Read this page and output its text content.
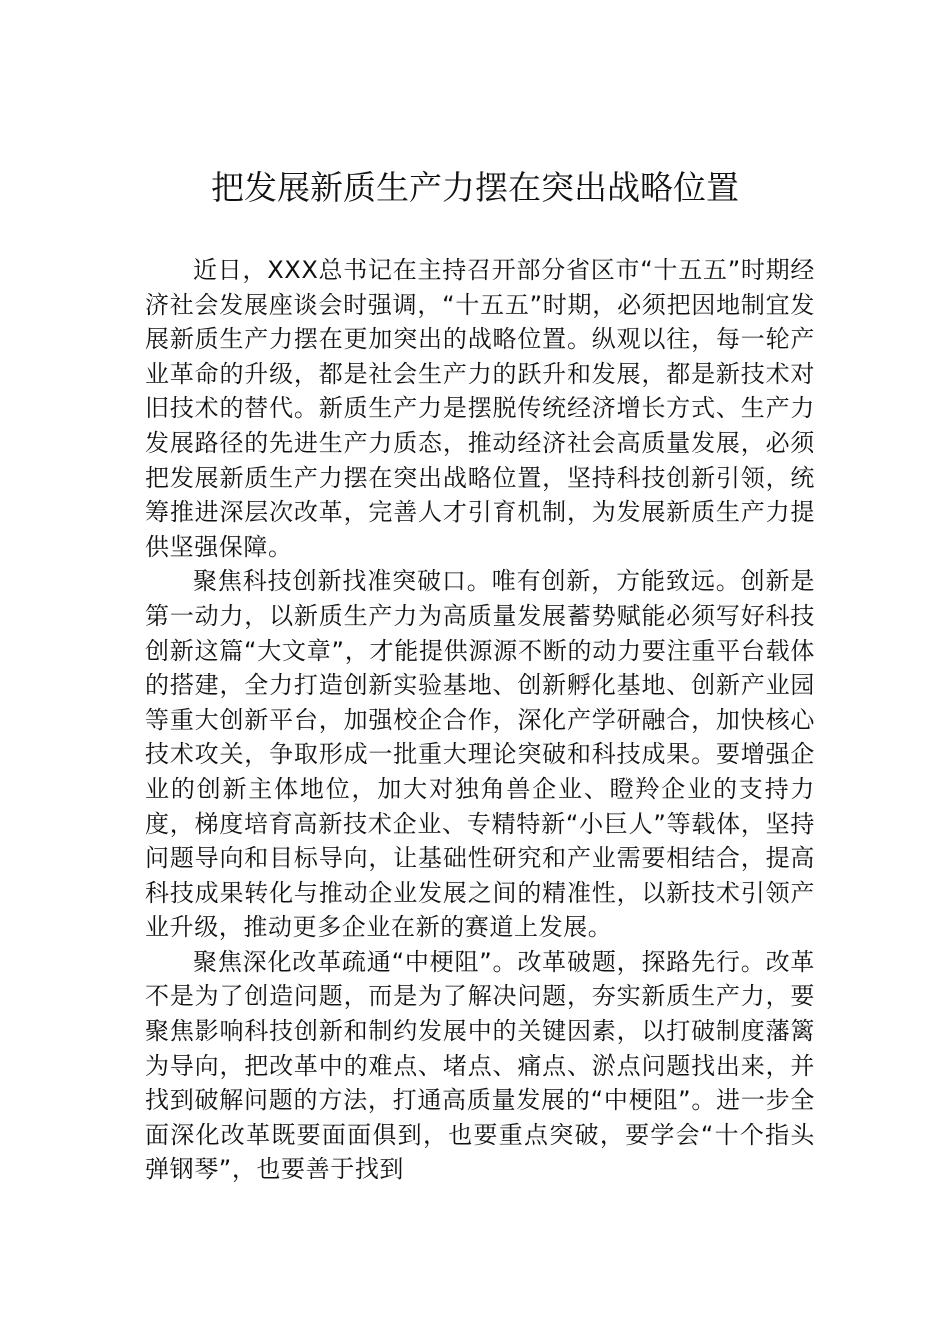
把发展新质生产力摆在突出战略位置

近日，XXX总书记在主持召开部分省区市“十五五”时期经济社会发展座谈会时强调，“十五五”时期，必须把因地制宜发展新质生产力摆在更加突出的战略位置。纵观以往，每一轮产业革命的升级，都是社会生产力的跃升和发展，都是新技术对旧技术的替代。新质生产力是摆脱传统经济增长方式、生产力发展路径的先进生产力质态，推动经济社会高质量发展，必须把发展新质生产力摆在突出战略位置，坚持科技创新引领，统筹推进深层次改革，完善人才引育机制，为发展新质生产力提供坚强保障。

聚焦科技创新找准突破口。唯有创新，方能致远。创新是第一动力，以新质生产力为高质量发展蓄势赋能必须写好科技创新这篇“大文章”，才能提供源源不断的动力要注重平台载体的搭建，全力打造创新实验基地、创新孵化基地、创新产业园等重大创新平台，加强校企合作，深化产学研融合，加快核心技术攻关，争取形成一批重大理论突破和科技成果。要增强企业的创新主体地位，加大对独角兽企业、瞪羚企业的支持力度，梯度培育高新技术企业、专精特新“小巨人”等载体，坚持问题导向和目标导向，让基础性研究和产业需要相结合，提高科技成果转化与推动企业发展之间的精准性，以新技术引领产业升级，推动更多企业在新的赛道上发展。

聚焦深化改革疏通“中梗阻”。改革破题，探路先行。改革不是为了创造问题，而是为了解决问题，夯实新质生产力，要聚焦影响科技创新和制约发展中的关键因素，以打破制度藩篱为导向，把改革中的难点、堵点、痛点、淤点问题找出来，并找到破解问题的方法，打通高质量发展的“中梗阻”。进一步全面深化改革既要面面俱到，也要重点突破，要学会“十个指头弹钢琴”，也要善于找到
